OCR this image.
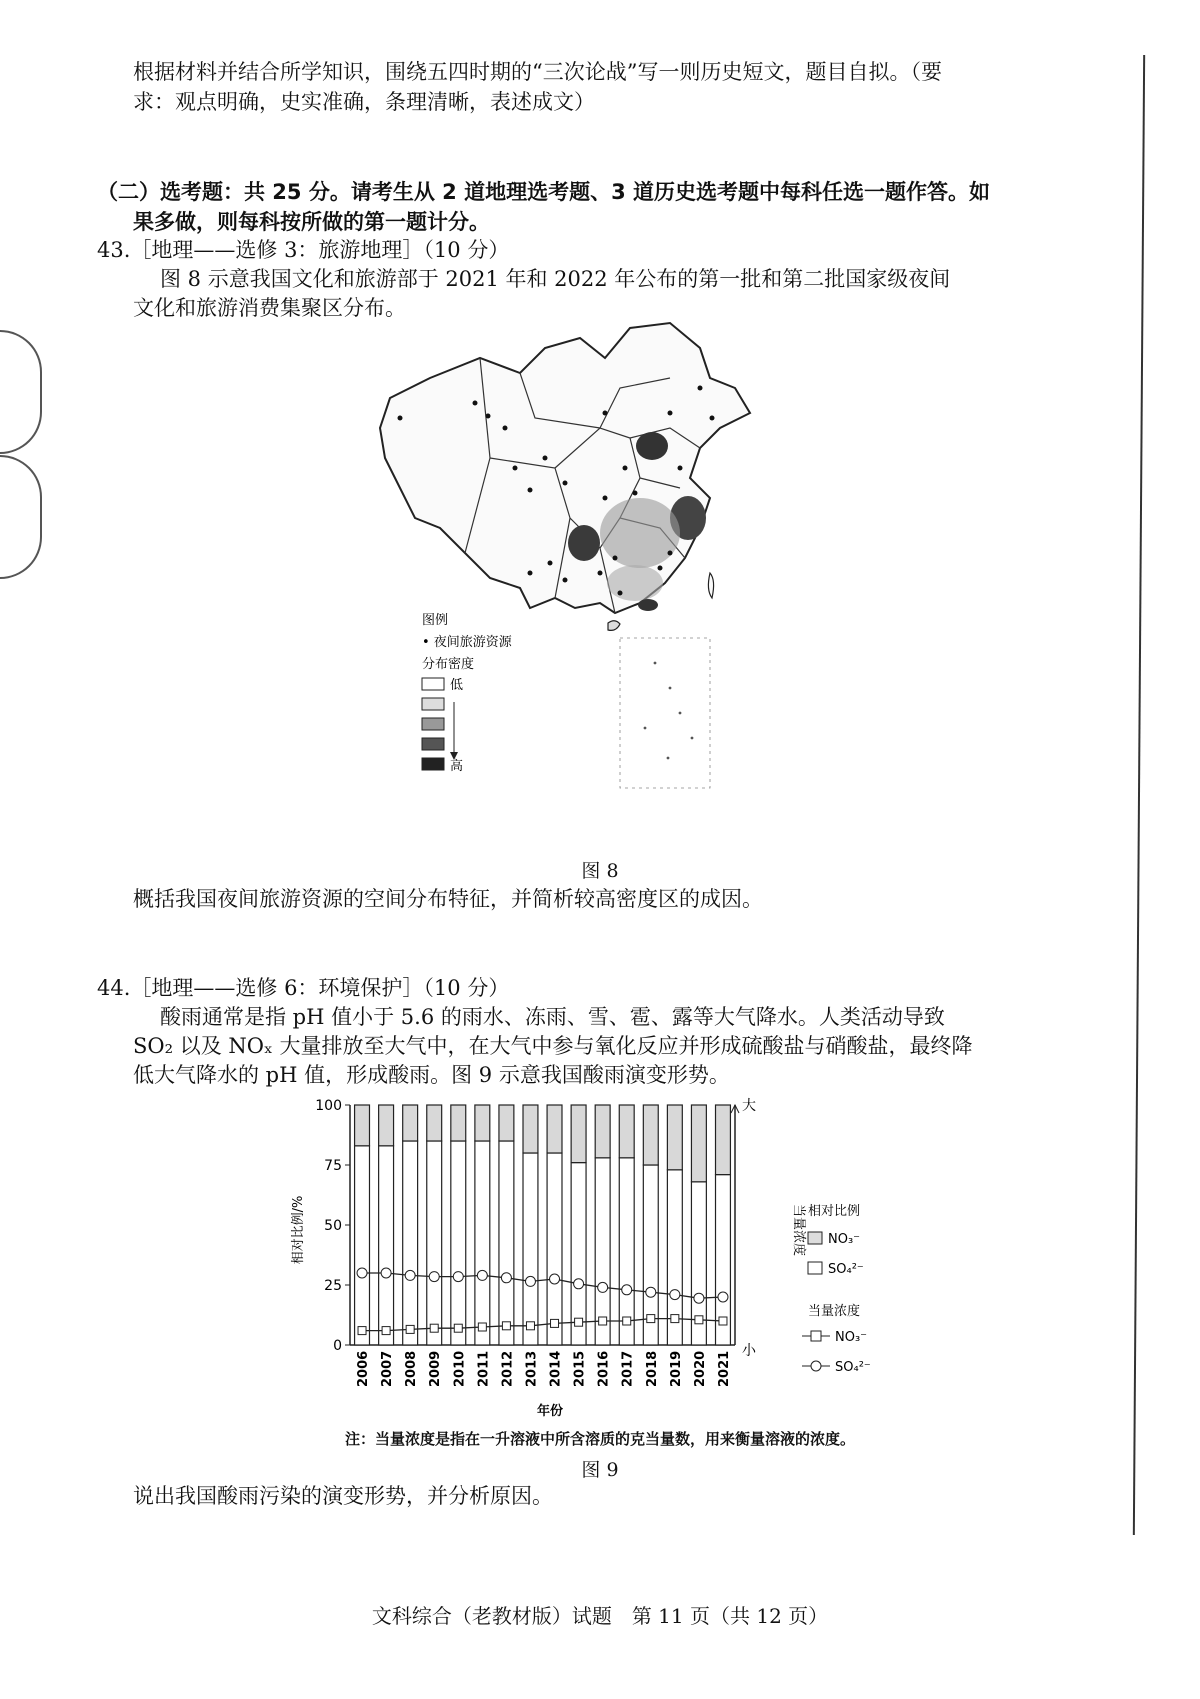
根据材料并结合所学知识，围绕五四时期的“三次论战”写一则历史短文，题目自拟。（要
求：观点明确，史实准确，条理清晰，表述成文）
（二）选考题：共 25 分。请考生从 2 道地理选考题、3 道历史选考题中每科任选一题作答。如
果多做，则每科按所做的第一题计分。
43.［地理——选修 3：旅游地理］（10 分）
图 8 示意我国文化和旅游部于 2021 年和 2022 年公布的第一批和第二批国家级夜间
文化和旅游消费集聚区分布。
图例
• 夜间旅游资源
分布密度
低
高
图 8
概括我国夜间旅游资源的空间分布特征，并简析较高密度区的成因。
44.［地理——选修 6：环境保护］（10 分）
酸雨通常是指 pH 值小于 5.6 的雨水、冻雨、雪、雹、露等大气降水。人类活动导致
SO₂ 以及 NOₓ 大量排放至大气中，在大气中参与氧化反应并形成硫酸盐与硝酸盐，最终降
低大气降水的 pH 值，形成酸雨。图 9 示意我国酸雨演变形势。
相对比例/%
年份
大
小
当量浓度 相对比例
NO₃⁻
SO₄²⁻
当量浓度
NO₃⁻
SO₄²⁻
0
25
50
75
100
2006 2007 2008 2009 2010 2011 2012 2013 2014 2015 2016 2017 2018 2019 2020 2021
注：当量浓度是指在一升溶液中所含溶质的克当量数，用来衡量溶液的浓度。
图 9
说出我国酸雨污染的演变形势，并分析原因。
文科综合（老教材版）试题　第 11 页（共 12 页）
